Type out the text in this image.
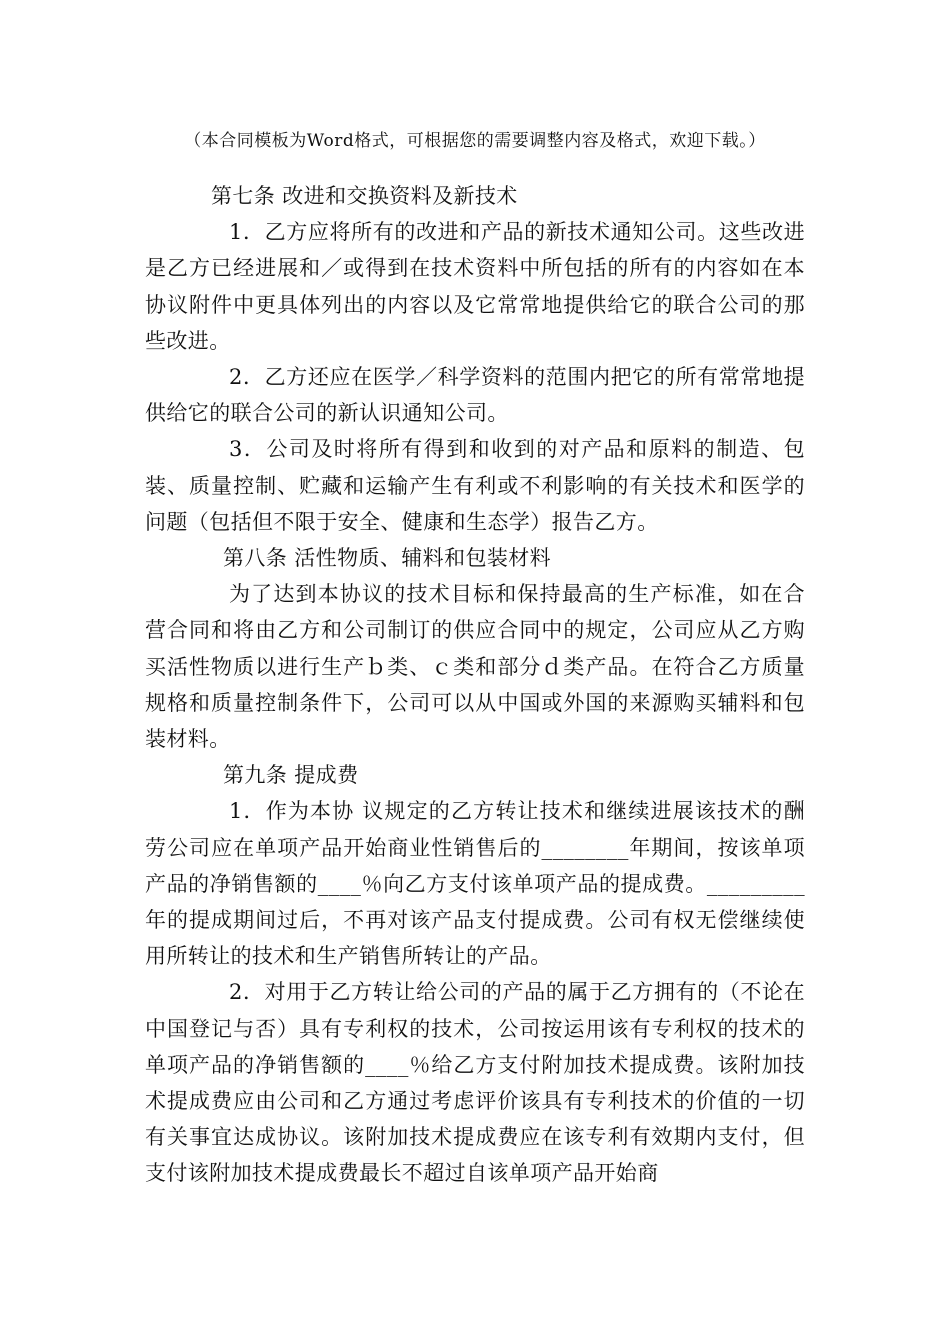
（本合同模板为Word格式，可根据您的需要调整内容及格式，欢迎下载。）

第七条 改进和交换资料及新技术

1．乙方应将所有的改进和产品的新技术通知公司。这些改进是乙方已经进展和／或得到在技术资料中所包括的所有的内容如在本协议附件中更具体列出的内容以及它常常地提供给它的联合公司的那些改进。

2．乙方还应在医学／科学资料的范围内把它的所有常常地提供给它的联合公司的新认识通知公司。

3．公司及时将所有得到和收到的对产品和原料的制造、包装、质量控制、贮藏和运输产生有利或不利影响的有关技术和医学的问题（包括但不限于安全、健康和生态学）报告乙方。

第八条 活性物质、辅料和包装材料

为了达到本协议的技术目标和保持最高的生产标准，如在合营合同和将由乙方和公司制订的供应合同中的规定，公司应从乙方购买活性物质以进行生产ｂ类、ｃ类和部分ｄ类产品。在符合乙方质量规格和质量控制条件下，公司可以从中国或外国的来源购买辅料和包装材料。

第九条 提成费

1．作为本协 议规定的乙方转让技术和继续进展该技术的酬劳公司应在单项产品开始商业性销售后的________年期间，按该单项产品的净销售额的____％向乙方支付该单项产品的提成费。_________年的提成期间过后，不再对该产品支付提成费。公司有权无偿继续使用所转让的技术和生产销售所转让的产品。

2．对用于乙方转让给公司的产品的属于乙方拥有的（不论在中国登记与否）具有专利权的技术，公司按运用该有专利权的技术的单项产品的净销售额的____％给乙方支付附加技术提成费。该附加技术提成费应由公司和乙方通过考虑评价该具有专利技术的价值的一切有关事宜达成协议。该附加技术提成费应在该专利有效期内支付，但支付该附加技术提成费最长不超过自该单项产品开始商
